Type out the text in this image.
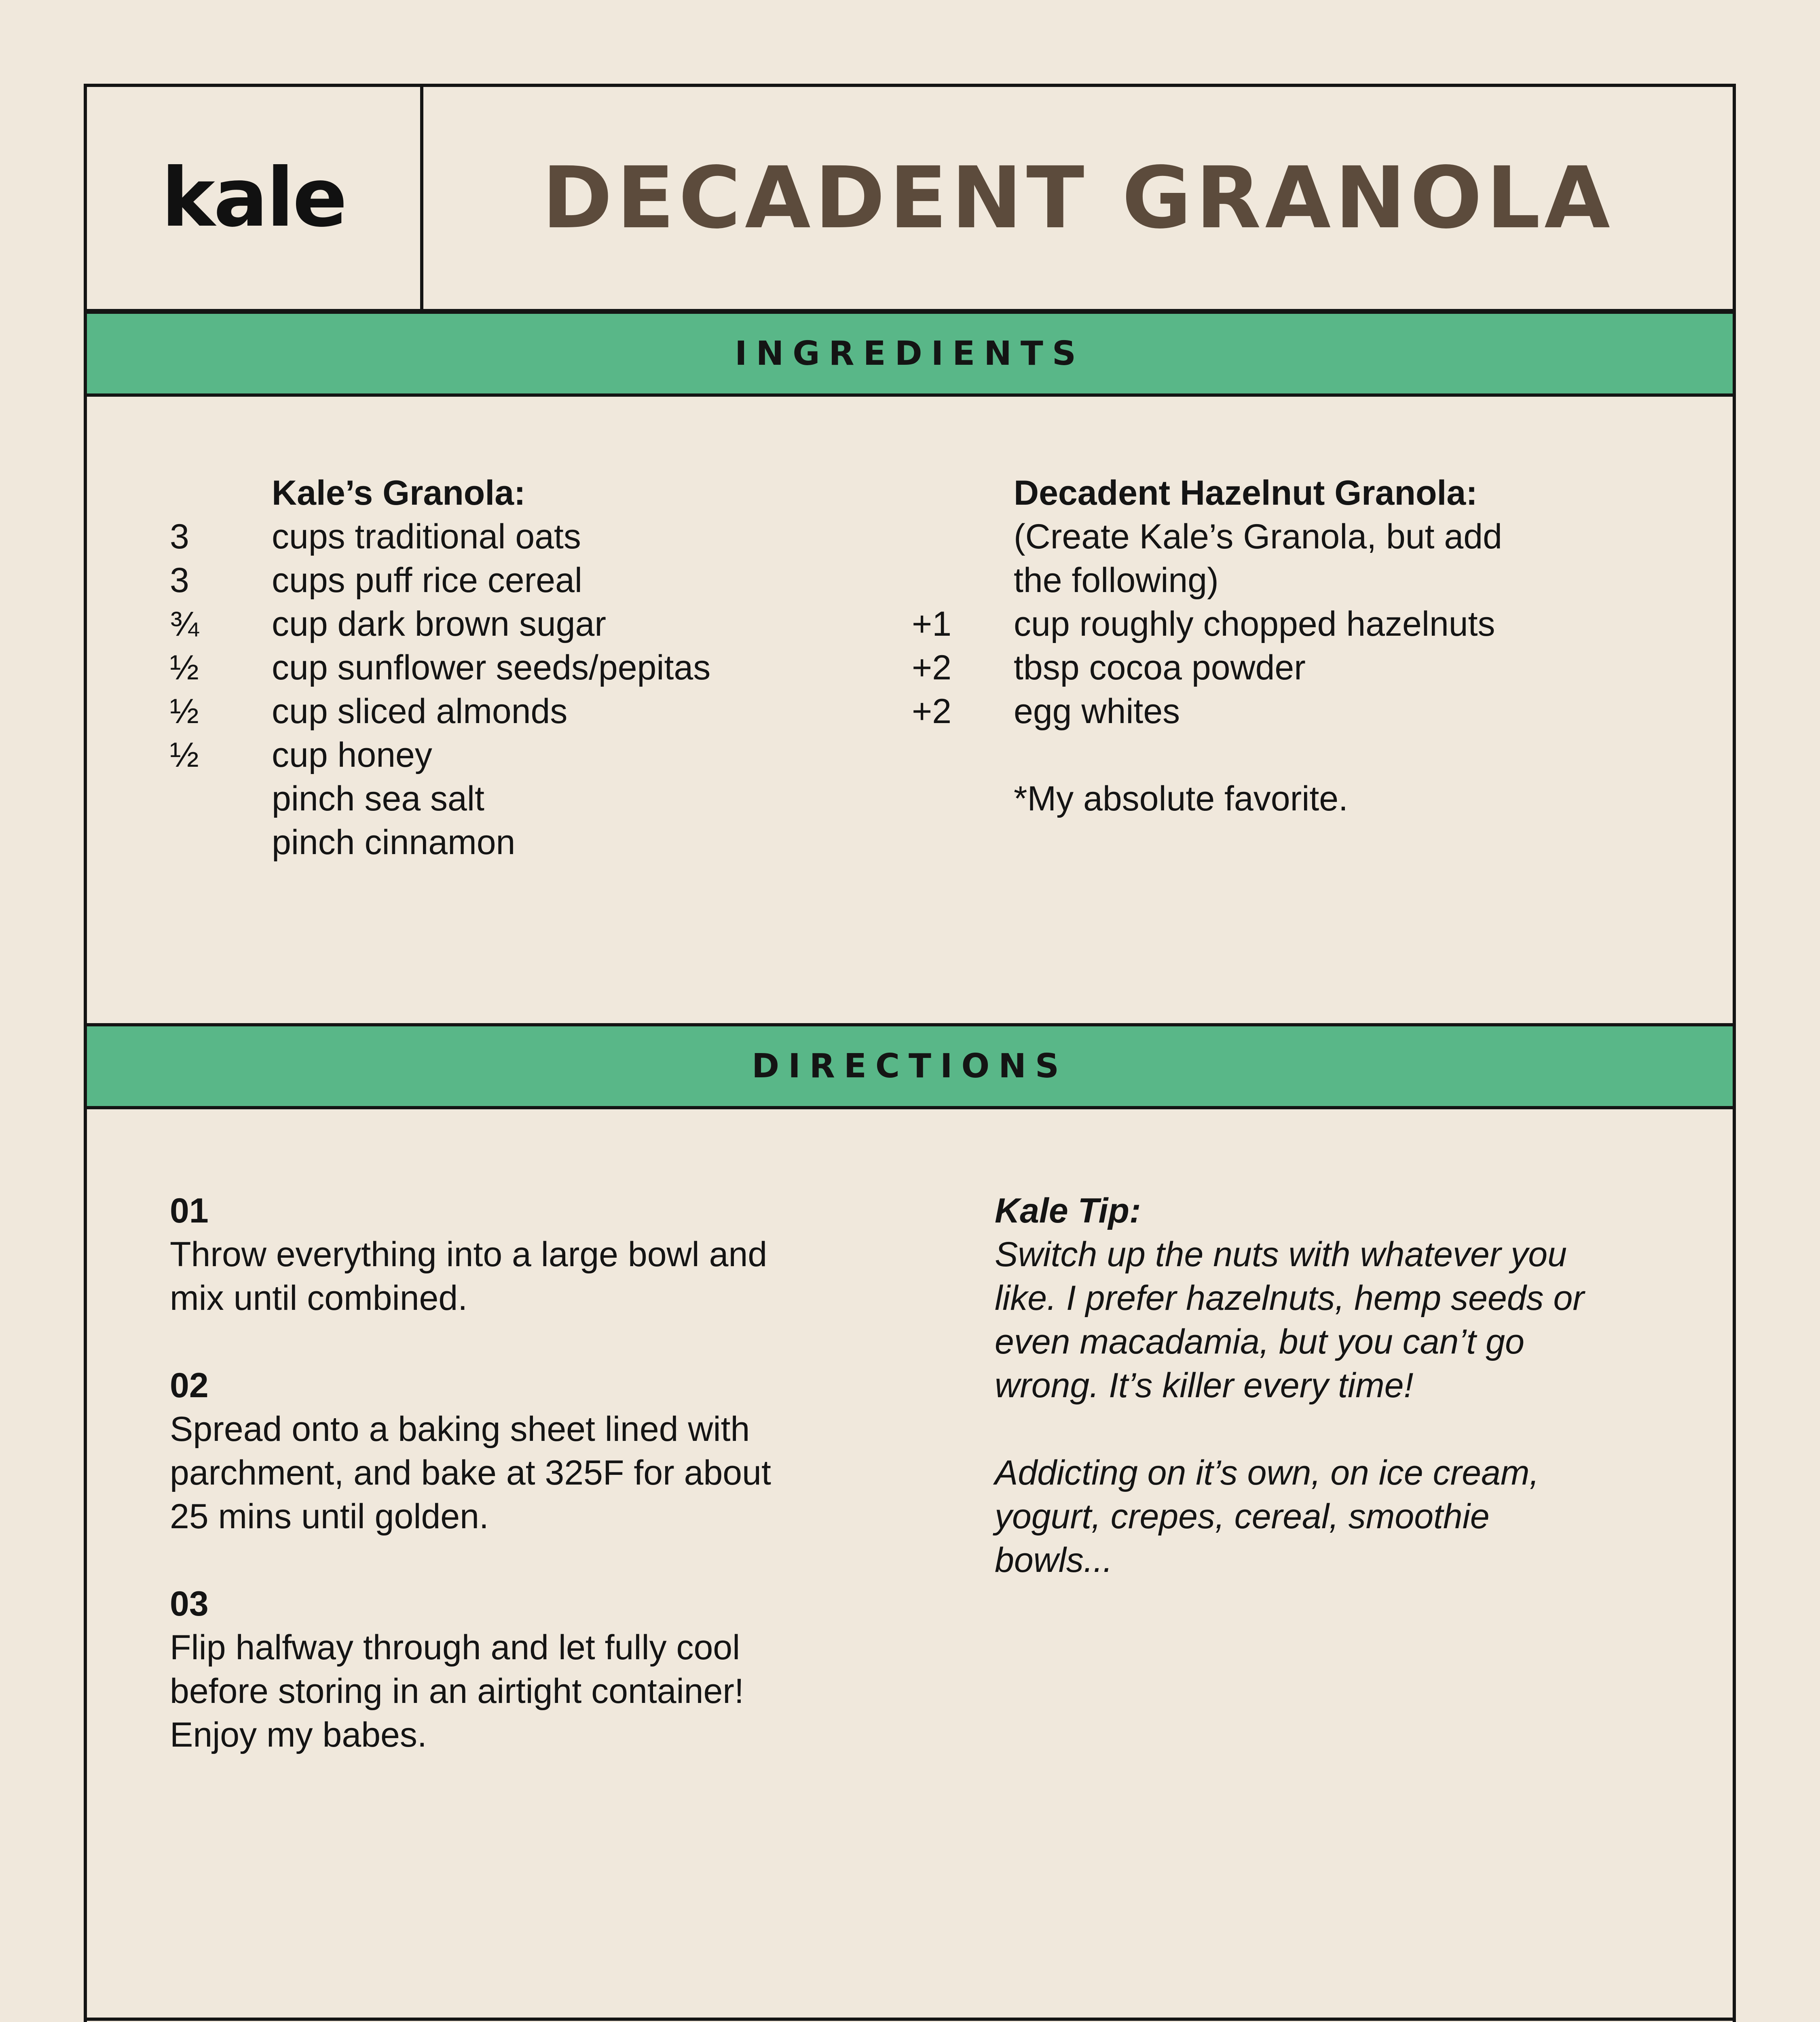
kale DECADENT GRANOLA
INGREDIENTS
Kale’s Granola:
3	cups traditional oats
3	cups puff rice cereal
¾	cup dark brown sugar
½	cup sunflower seeds/pepitas
½	cup sliced almonds
½	cup honey
pinch sea salt
pinch cinnamon
Decadent Hazelnut Granola:
(Create Kale’s Granola, but add
the following)
+1	cup roughly chopped hazelnuts
+2	tbsp cocoa powder
+2	egg whites
*My absolute favorite.
DIRECTIONS
01
Throw everything into a large bowl and
mix until combined.
02
Spread onto a baking sheet lined with
parchment, and bake at 325F for about
25 mins until golden.
03
Flip halfway through and let fully cool
before storing in an airtight container!
Enjoy my babes.
Kale Tip:
Switch up the nuts with whatever you
like. I prefer hazelnuts, hemp seeds or
even macadamia, but you can’t go
wrong. It’s killer every time!
Addicting on it’s own, on ice cream,
yogurt, crepes, cereal, smoothie
bowls...
